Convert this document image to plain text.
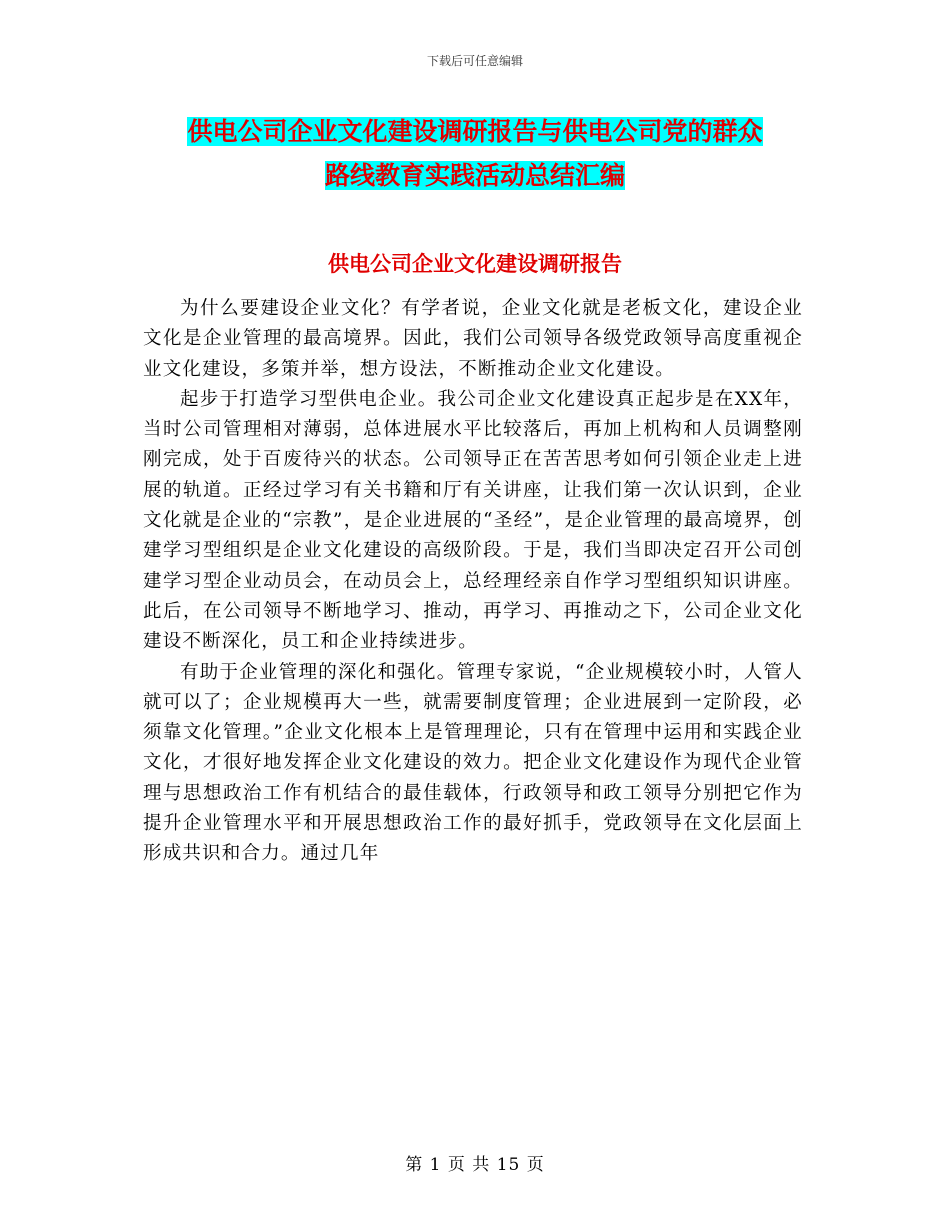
下载后可任意编辑
供电公司企业文化建设调研报告与供电公司党的群众
路线教育实践活动总结汇编
供电公司企业文化建设调研报告

为什么要建设企业文化？有学者说，企业文化就是老板文化，建设企业文化是企业管理的最高境界。因此，我们公司领导各级党政领导高度重视企业文化建设，多策并举，想方设法，不断推动企业文化建设。

起步于打造学习型供电企业。我公司企业文化建设真正起步是在XX年，当时公司管理相对薄弱，总体进展水平比较落后，再加上机构和人员调整刚刚完成，处于百废待兴的状态。公司领导正在苦苦思考如何引领企业走上进展的轨道。正经过学习有关书籍和厅有关讲座，让我们第一次认识到，企业文化就是企业的“宗教”，是企业进展的“圣经”，是企业管理的最高境界，创建学习型组织是企业文化建设的高级阶段。于是，我们当即决定召开公司创建学习型企业动员会，在动员会上，总经理经亲自作学习型组织知识讲座。此后，在公司领导不断地学习、推动，再学习、再推动之下，公司企业文化建设不断深化，员工和企业持续进步。

有助于企业管理的深化和强化。管理专家说，“企业规模较小时，人管人就可以了；企业规模再大一些，就需要制度管理；企业进展到一定阶段，必须靠文化管理。”企业文化根本上是管理理论，只有在管理中运用和实践企业文化，才很好地发挥企业文化建设的效力。把企业文化建设作为现代企业管理与思想政治工作有机结合的最佳载体，行政领导和政工领导分别把它作为提升企业管理水平和开展思想政治工作的最好抓手，党政领导在文化层面上形成共识和合力。通过几年

第 1 页 共 15 页
